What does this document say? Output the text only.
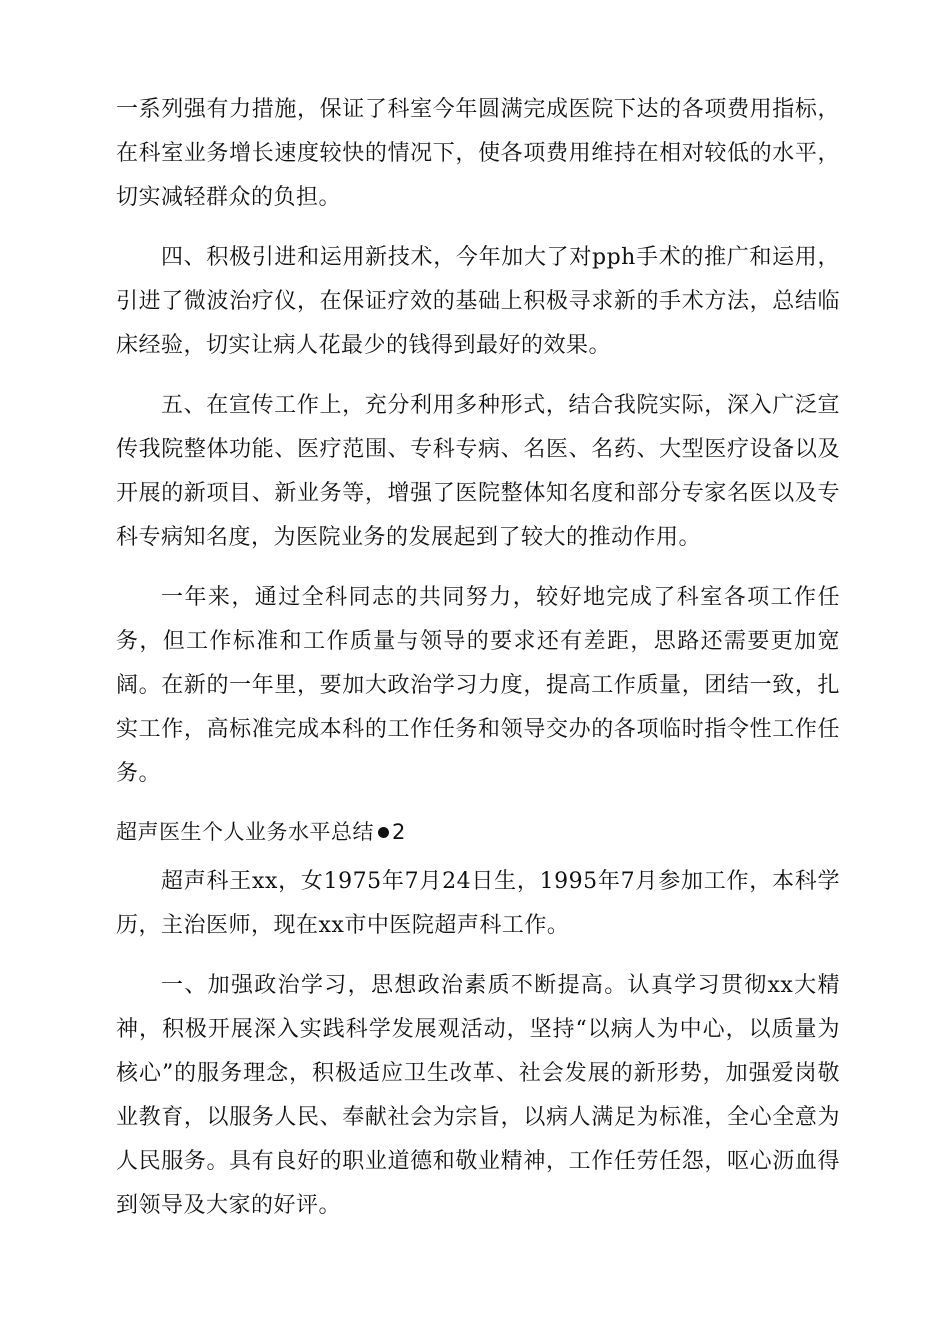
一系列强有力措施，保证了科室今年圆满完成医院下达的各项费用指标，在科室业务增长速度较快的情况下，使各项费用维持在相对较低的水平，切实减轻群众的负担。

四、积极引进和运用新技术，今年加大了对pph手术的推广和运用，引进了微波治疗仪，在保证疗效的基础上积极寻求新的手术方法，总结临床经验，切实让病人花最少的钱得到最好的效果。

五、在宣传工作上，充分利用多种形式，结合我院实际，深入广泛宣传我院整体功能、医疗范围、专科专病、名医、名药、大型医疗设备以及开展的新项目、新业务等，增强了医院整体知名度和部分专家名医以及专科专病知名度，为医院业务的发展起到了较大的推动作用。

一年来，通过全科同志的共同努力，较好地完成了科室各项工作任务，但工作标准和工作质量与领导的要求还有差距，思路还需要更加宽阔。在新的一年里，要加大政治学习力度，提高工作质量，团结一致，扎实工作，高标准完成本科的工作任务和领导交办的各项临时指令性工作任务。

超声医生个人业务水平总结 2

超声科王xx，女1975年7月24日生，1995年7月参加工作，本科学历，主治医师，现在xx市中医院超声科工作。

一、加强政治学习，思想政治素质不断提高。认真学习贯彻xx大精神，积极开展深入实践科学发展观活动，坚持“以病人为中心，以质量为核心”的服务理念，积极适应卫生改革、社会发展的新形势，加强爱岗敬业教育，以服务人民、奉献社会为宗旨，以病人满足为标准，全心全意为人民服务。具有良好的职业道德和敬业精神，工作任劳任怨，呕心沥血得到领导及大家的好评。
